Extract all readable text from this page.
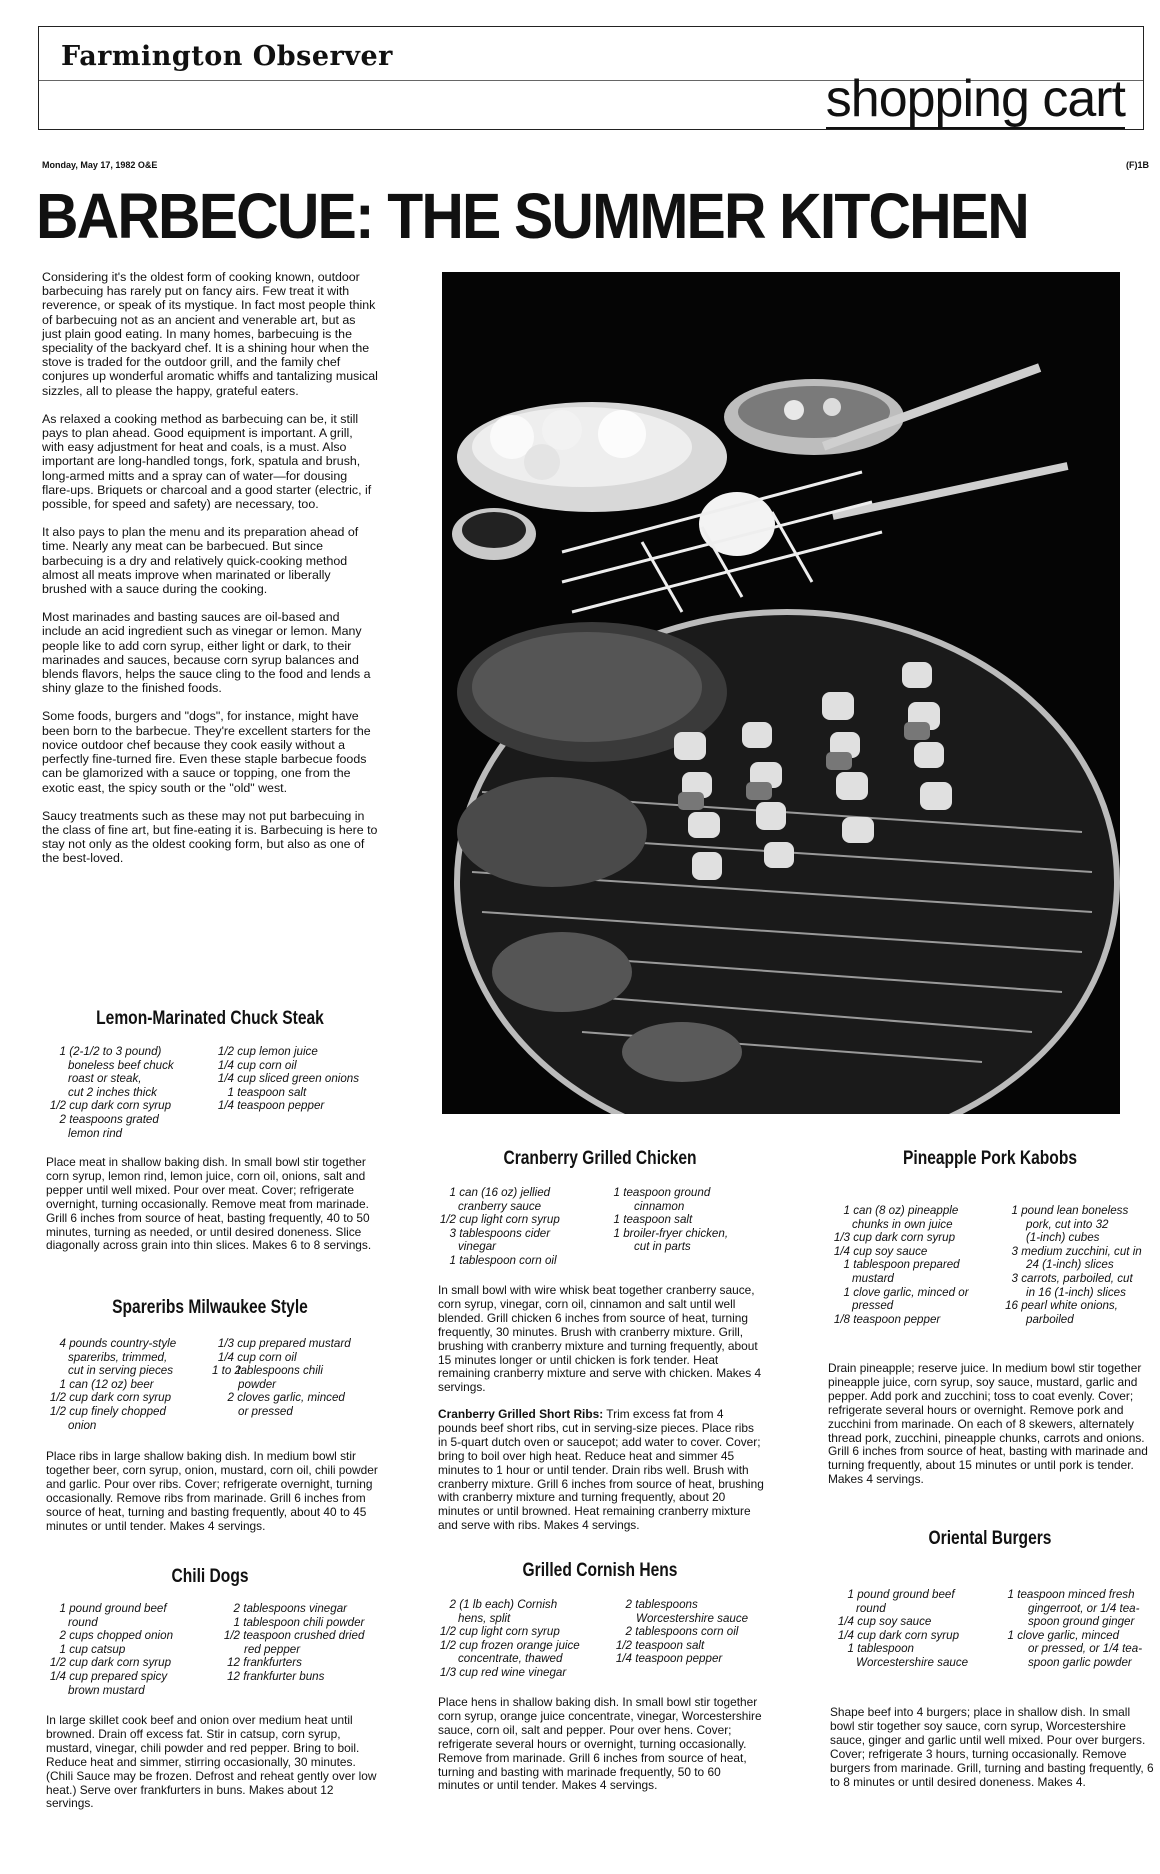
Farmington Observer
shopping cart
Monday, May 17, 1982 O&E	(F)1B
BARBECUE: THE SUMMER KITCHEN

Considering it's the oldest form of cooking known, outdoor barbecuing has rarely put on fancy airs. Few treat it with reverence, or speak of its mystique. In fact most people think of barbecuing not as an ancient and venerable art, but as just plain good eating. In many homes, barbecuing is the speciality of the backyard chef. It is a shining hour when the stove is traded for the outdoor grill, and the family chef conjures up wonderful aromatic whiffs and tantalizing musical sizzles, all to please the happy, grateful eaters.

As relaxed a cooking method as barbecuing can be, it still pays to plan ahead. Good equipment is important. A grill, with easy adjustment for heat and coals, is a must. Also important are long-handled tongs, fork, spatula and brush, long-armed mitts and a spray can of water—for dousing flare-ups. Briquets or charcoal and a good starter (electric, if possible, for speed and safety) are necessary, too.

It also pays to plan the menu and its preparation ahead of time. Nearly any meat can be barbecued. But since barbecuing is a dry and relatively quick-cooking method almost all meats improve when marinated or liberally brushed with a sauce during the cooking.

Most marinades and basting sauces are oil-based and include an acid ingredient such as vinegar or lemon. Many people like to add corn syrup, either light or dark, to their marinades and sauces, because corn syrup balances and blends flavors, helps the sauce cling to the food and lends a shiny glaze to the finished foods.

Some foods, burgers and "dogs", for instance, might have been born to the barbecue. They're excellent starters for the novice outdoor chef because they cook easily without a perfectly fine-turned fire. Even these staple barbecue foods can be glamorized with a sauce or topping, one from the exotic east, the spicy south or the "old" west.

Saucy treatments such as these may not put barbecuing in the class of fine art, but fine-eating it is. Barbecuing is here to stay not only as the oldest cooking form, but also as one of the best-loved.

Lemon-Marinated Chuck Steak
1 (2-1/2 to 3 pound)
boneless beef chuck
roast or steak,
cut 2 inches thick
1/2 cup dark corn syrup
2 teaspoons grated
lemon rind
1/2 cup lemon juice
1/4 cup corn oil
1/4 cup sliced green onions
1 teaspoon salt
1/4 teaspoon pepper
Place meat in shallow baking dish. In small bowl stir together corn syrup, lemon rind, lemon juice, corn oil, onions, salt and pepper until well mixed. Pour over meat. Cover; refrigerate overnight, turning occasionally. Remove meat from marinade. Grill 6 inches from source of heat, basting frequently, 40 to 50 minutes, turning as needed, or until desired doneness. Slice diagonally across grain into thin slices. Makes 6 to 8 servings.
Spareribs Milwaukee Style
4 pounds country-style
spareribs, trimmed,
cut in serving pieces
1 can (12 oz) beer
1/2 cup dark corn syrup
1/2 cup finely chopped
onion
1/3 cup prepared mustard
1/4 cup corn oil
1 to 2 tablespoons chili
powder
2 cloves garlic, minced
or pressed
Place ribs in large shallow baking dish. In medium bowl stir together beer, corn syrup, onion, mustard, corn oil, chili powder and garlic. Pour over ribs. Cover; refrigerate overnight, turning occasionally. Remove ribs from marinade. Grill 6 inches from source of heat, turning and basting frequently, about 40 to 45 minutes or until tender. Makes 4 servings.
Chili Dogs
1 pound ground beef
round
2 cups chopped onion
1 cup catsup
1/2 cup dark corn syrup
1/4 cup prepared spicy
brown mustard
2 tablespoons vinegar
1 tablespoon chili powder
1/2 teaspoon crushed dried
red pepper
12 frankfurters
12 frankfurter buns
In large skillet cook beef and onion over medium heat until browned. Drain off excess fat. Stir in catsup, corn syrup, mustard, vinegar, chili powder and red pepper. Bring to boil. Reduce heat and simmer, stirring occasionally, 30 minutes. (Chili Sauce may be frozen. Defrost and reheat gently over low heat.) Serve over frankfurters in buns. Makes about 12 servings.
Cranberry Grilled Chicken
1 can (16 oz) jellied
cranberry sauce
1/2 cup light corn syrup
3 tablespoons cider
vinegar
1 tablespoon corn oil
1 teaspoon ground
cinnamon
1 teaspoon salt
1 broiler-fryer chicken,
cut in parts
In small bowl with wire whisk beat together cranberry sauce, corn syrup, vinegar, corn oil, cinnamon and salt until well blended. Grill chicken 6 inches from source of heat, turning frequently, 30 minutes. Brush with cranberry mixture. Grill, brushing with cranberry mixture and turning frequently, about 15 minutes longer or until chicken is fork tender. Heat remaining cranberry mixture and serve with chicken. Makes 4 servings.
Cranberry Grilled Short Ribs: Trim excess fat from 4 pounds beef short ribs, cut in serving-size pieces. Place ribs in 5-quart dutch oven or saucepot; add water to cover. Cover; bring to boil over high heat. Reduce heat and simmer 45 minutes to 1 hour or until tender. Drain ribs well. Brush with cranberry mixture. Grill 6 inches from source of heat, brushing with cranberry mixture and turning frequently, about 20 minutes or until browned. Heat remaining cranberry mixture and serve with ribs. Makes 4 servings.
Grilled Cornish Hens
2 (1 lb each) Cornish
hens, split
1/2 cup light corn syrup
1/2 cup frozen orange juice
concentrate, thawed
1/3 cup red wine vinegar
2 tablespoons
Worcestershire sauce
2 tablespoons corn oil
1/2 teaspoon salt
1/4 teaspoon pepper
Place hens in shallow baking dish. In small bowl stir together corn syrup, orange juice concentrate, vinegar, Worcestershire sauce, corn oil, salt and pepper. Pour over hens. Cover; refrigerate several hours or overnight, turning occasionally. Remove from marinade. Grill 6 inches from source of heat, turning and basting with marinade frequently, 50 to 60 minutes or until tender. Makes 4 servings.
Pineapple Pork Kabobs
1 can (8 oz) pineapple
chunks in own juice
1/3 cup dark corn syrup
1/4 cup soy sauce
1 tablespoon prepared
mustard
1 clove garlic, minced or
pressed
1/8 teaspoon pepper
1 pound lean boneless
pork, cut into 32
(1-inch) cubes
3 medium zucchini, cut in
24 (1-inch) slices
3 carrots, parboiled, cut
in 16 (1-inch) slices
16 pearl white onions,
parboiled
Drain pineapple; reserve juice. In medium bowl stir together pineapple juice, corn syrup, soy sauce, mustard, garlic and pepper. Add pork and zucchini; toss to coat evenly. Cover; refrigerate several hours or overnight. Remove pork and zucchini from marinade. On each of 8 skewers, alternately thread pork, zucchini, pineapple chunks, carrots and onions. Grill 6 inches from source of heat, basting with marinade and turning frequently, about 15 minutes or until pork is tender. Makes 4 servings.
Oriental Burgers
1 pound ground beef
round
1/4 cup soy sauce
1/4 cup dark corn syrup
1 tablespoon
Worcestershire sauce
1 teaspoon minced fresh
gingerroot, or 1/4 tea-
spoon ground ginger
1 clove garlic, minced
or pressed, or 1/4 tea-
spoon garlic powder
Shape beef into 4 burgers; place in shallow dish. In small bowl stir together soy sauce, corn syrup, Worcestershire sauce, ginger and garlic until well mixed. Pour over burgers. Cover; refrigerate 3 hours, turning occasionally. Remove burgers from marinade. Grill, turning and basting frequently, 6 to 8 minutes or until desired doneness. Makes 4.
